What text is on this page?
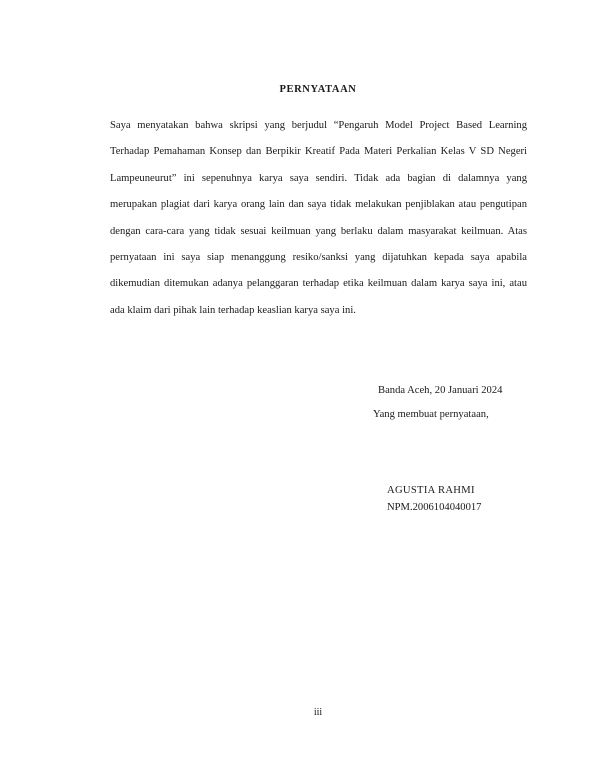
PERNYATAAN

Saya menyatakan bahwa skripsi yang berjudul “Pengaruh Model Project Based Learning Terhadap Pemahaman Konsep dan Berpikir Kreatif Pada Materi Perkalian Kelas V SD Negeri Lampeuneurut” ini sepenuhnya karya saya sendiri. Tidak ada bagian di dalamnya yang merupakan plagiat dari karya orang lain dan saya tidak melakukan penjiblakan atau pengutipan dengan cara-cara yang tidak sesuai keilmuan yang berlaku dalam masyarakat keilmuan. Atas pernyataan ini saya siap menanggung resiko/sanksi yang dijatuhkan kepada saya apabila dikemudian ditemukan adanya pelanggaran terhadap etika keilmuan dalam karya saya ini, atau ada klaim dari pihak lain terhadap keaslian karya saya ini.

Banda Aceh, 20 Januari 2024
Yang membuat pernyataan,
AGUSTIA RAHMI
NPM.2006104040017
iii
